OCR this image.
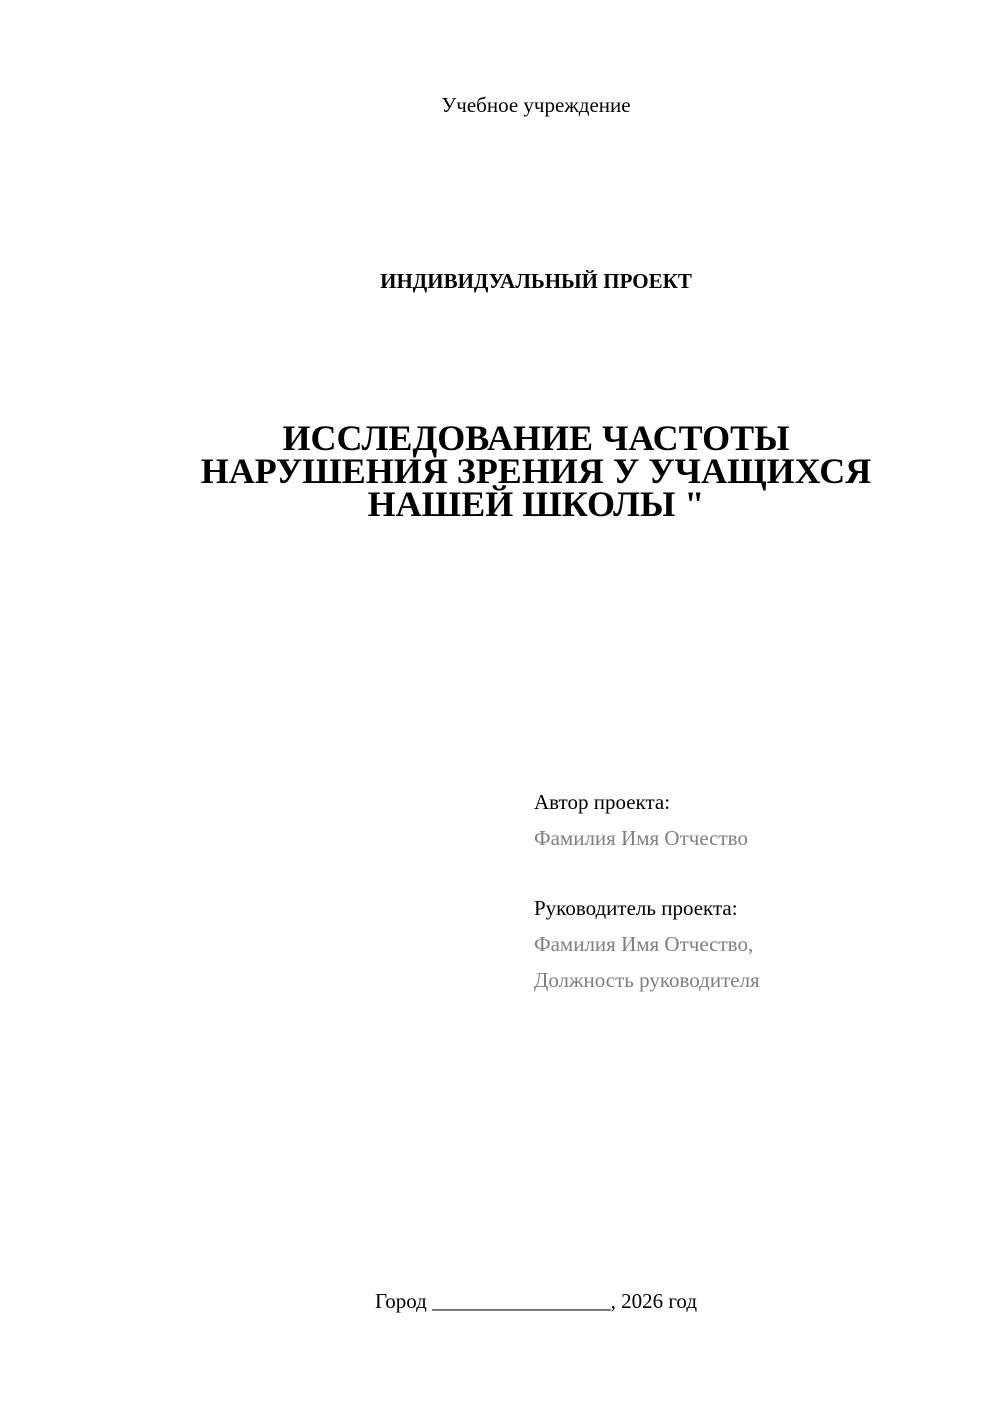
Учебное учреждение
ИНДИВИДУАЛЬНЫЙ ПРОЕКТ
ИССЛЕДОВАНИЕ ЧАСТОТЫ
НАРУШЕНИЯ ЗРЕНИЯ У УЧАЩИХСЯ
НАШЕЙ ШКОЛЫ "
Автор проекта:
Фамилия Имя Отчество
Руководитель проекта:
Фамилия Имя Отчество,
Должность руководителя
Город _________________, 2026 год
